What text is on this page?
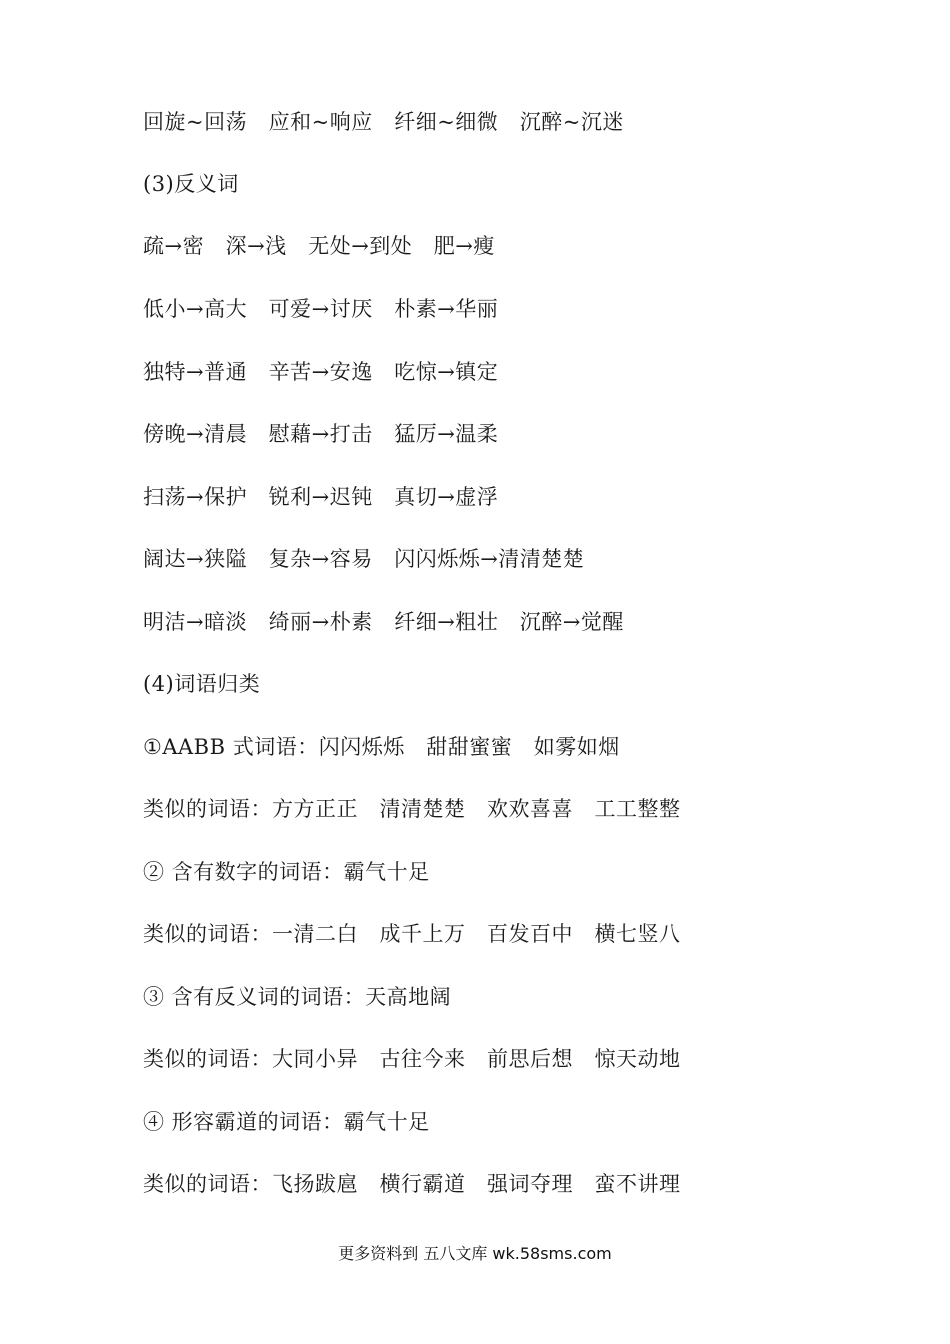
回旋~回荡　应和~响应　纤细~细微　沉醉~沉迷
(3)反义词
疏→密　深→浅　无处→到处　肥→瘦
低小→高大　可爱→讨厌　朴素→华丽
独特→普通　辛苦→安逸　吃惊→镇定
傍晚→清晨　慰藉→打击　猛厉→温柔
扫荡→保护　锐利→迟钝　真切→虚浮
阔达→狭隘　复杂→容易　闪闪烁烁→清清楚楚
明洁→暗淡　绮丽→朴素　纤细→粗壮　沉醉→觉醒
(4)词语归类
①AABB 式词语：闪闪烁烁　甜甜蜜蜜　如雾如烟
类似的词语：方方正正　清清楚楚　欢欢喜喜　工工整整
② 含有数字的词语：霸气十足
类似的词语：一清二白　成千上万　百发百中　横七竖八
③ 含有反义词的词语：天高地阔
类似的词语：大同小异　古往今来　前思后想　惊天动地
④ 形容霸道的词语：霸气十足
类似的词语：飞扬跋扈　横行霸道　强词夺理　蛮不讲理
更多资料到 五八文库 wk.58sms.com
